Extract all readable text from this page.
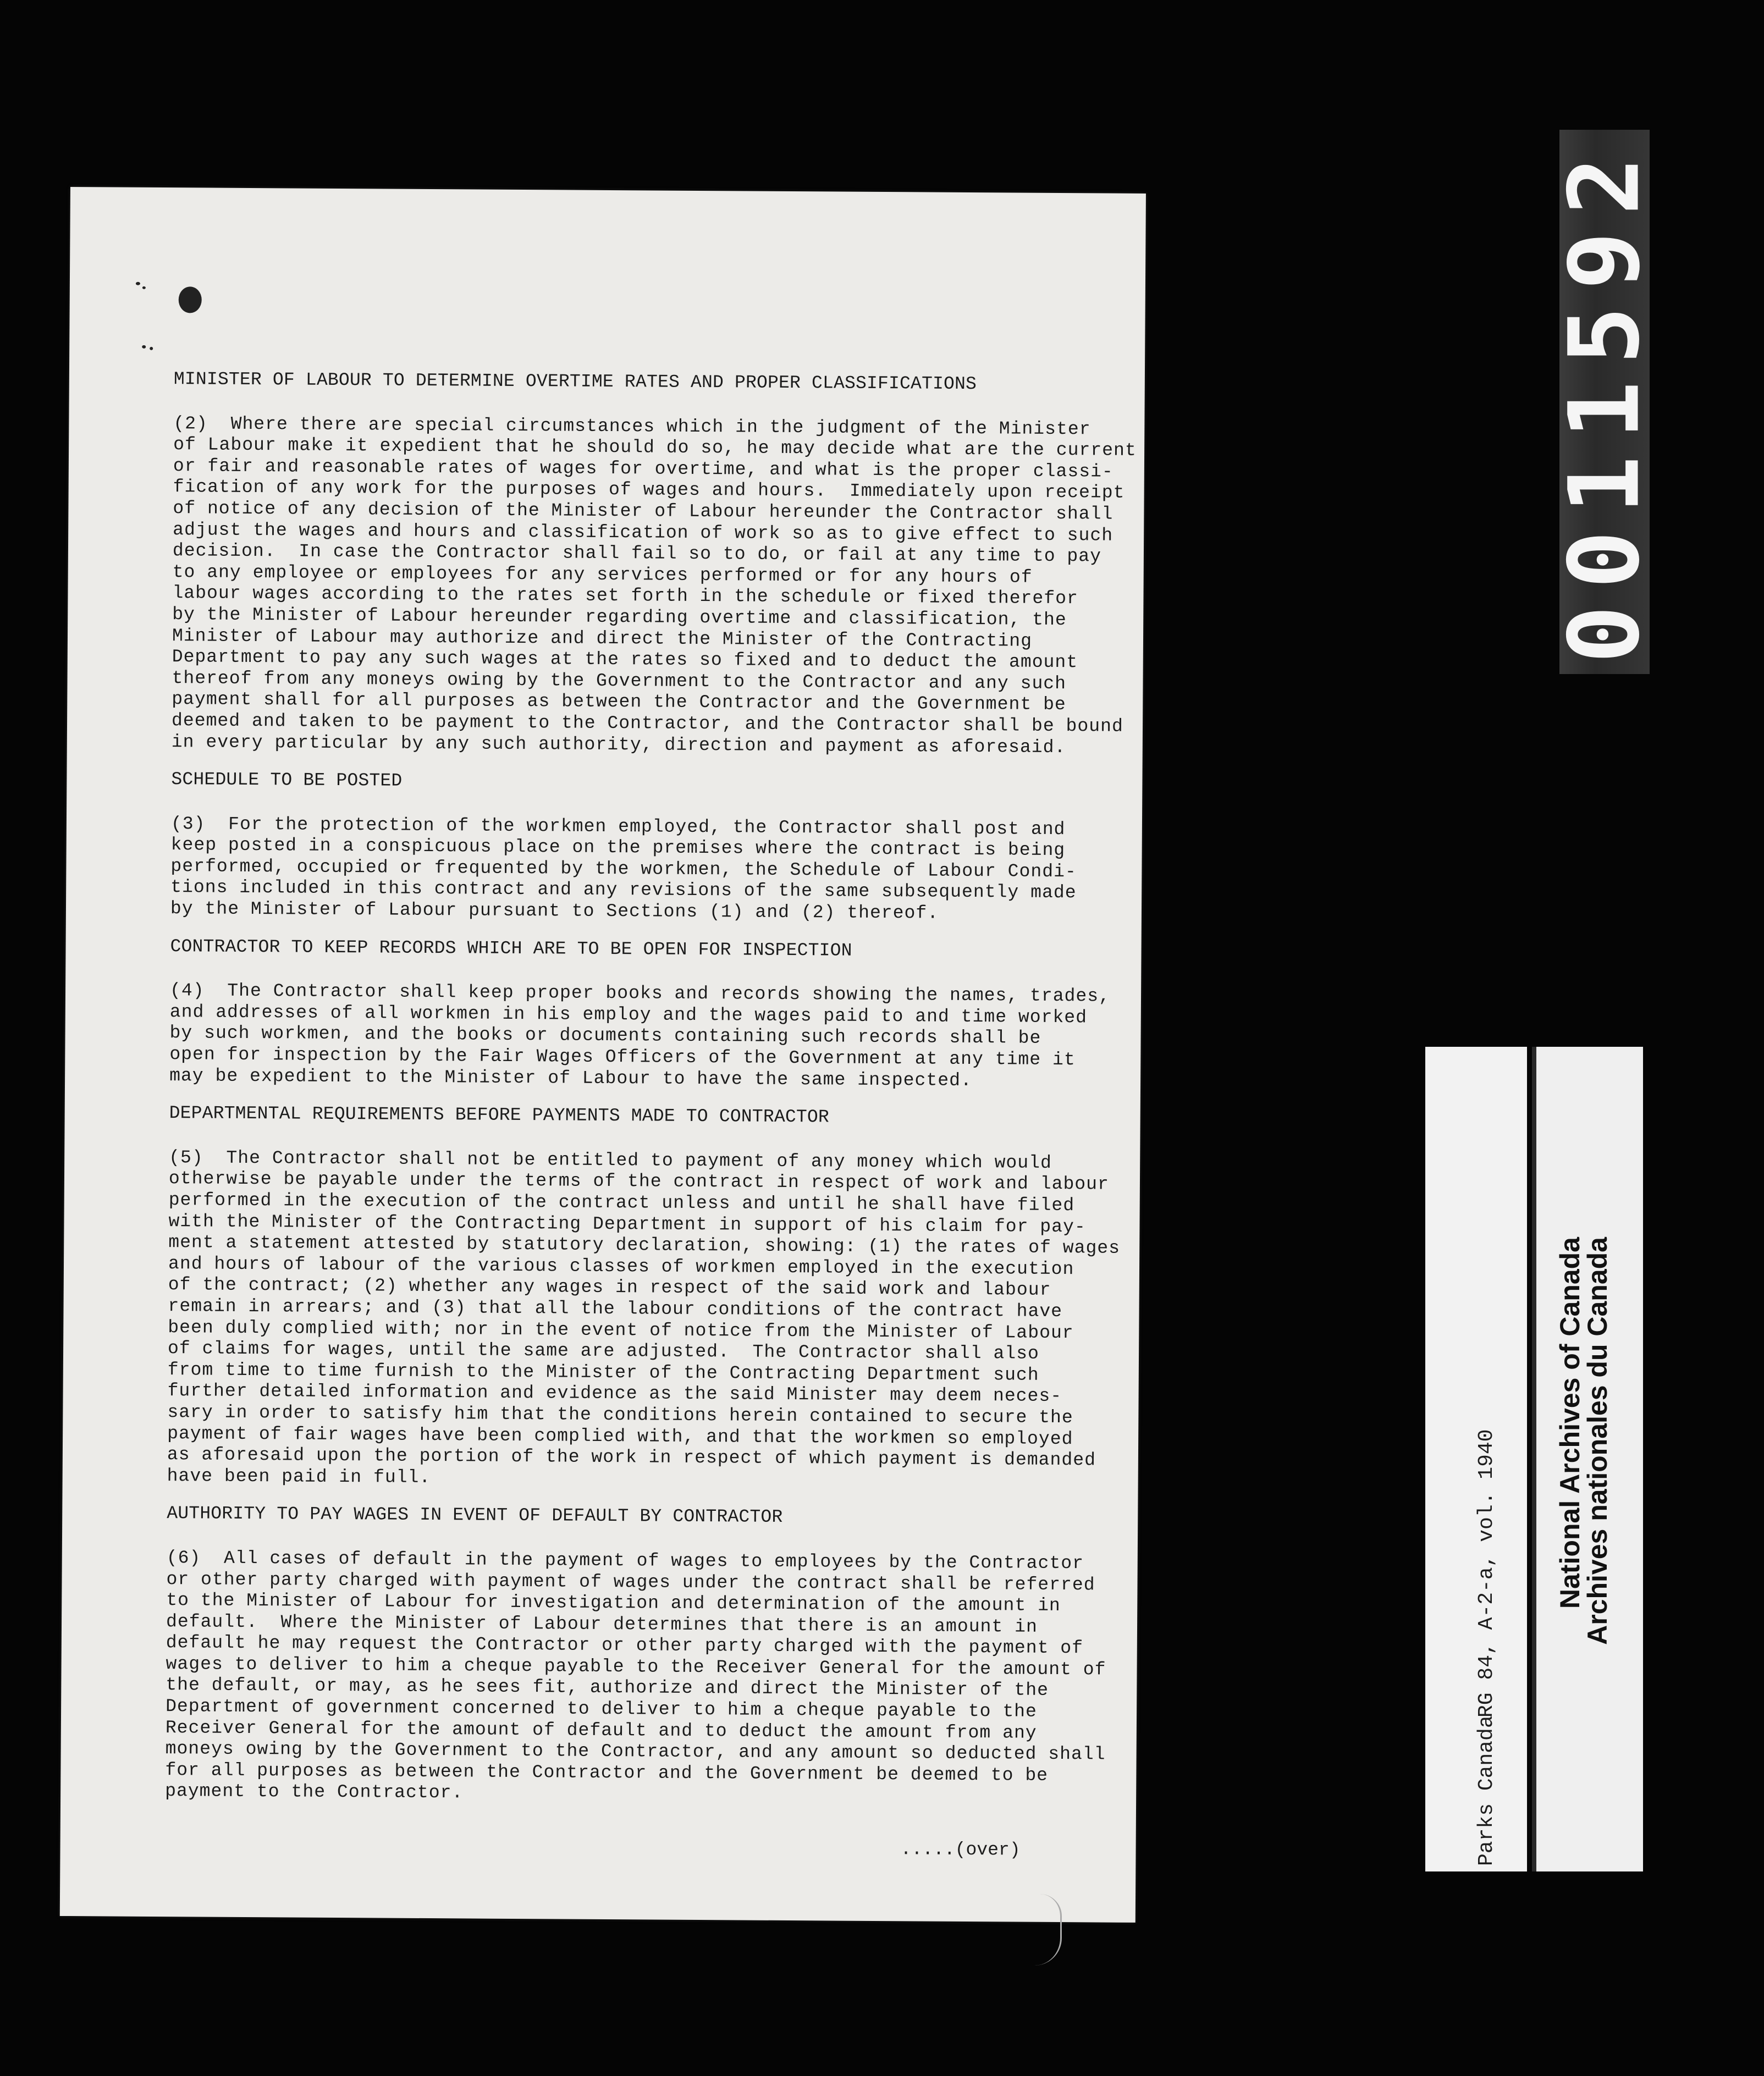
MINISTER OF LABOUR TO DETERMINE OVERTIME RATES AND PROPER CLASSIFICATIONS

(2)  Where there are special circumstances which in the judgment of the Minister
of Labour make it expedient that he should do so, he may decide what are the current
or fair and reasonable rates of wages for overtime, and what is the proper classi-
fication of any work for the purposes of wages and hours.  Immediately upon receipt
of notice of any decision of the Minister of Labour hereunder the Contractor shall
adjust the wages and hours and classification of work so as to give effect to such
decision.  In case the Contractor shall fail so to do, or fail at any time to pay
to any employee or employees for any services performed or for any hours of
labour wages according to the rates set forth in the schedule or fixed therefor
by the Minister of Labour hereunder regarding overtime and classification, the
Minister of Labour may authorize and direct the Minister of the Contracting
Department to pay any such wages at the rates so fixed and to deduct the amount
thereof from any moneys owing by the Government to the Contractor and any such
payment shall for all purposes as between the Contractor and the Government be
deemed and taken to be payment to the Contractor, and the Contractor shall be bound
in every particular by any such authority, direction and payment as aforesaid.

SCHEDULE TO BE POSTED

(3)  For the protection of the workmen employed, the Contractor shall post and
keep posted in a conspicuous place on the premises where the contract is being
performed, occupied or frequented by the workmen, the Schedule of Labour Condi-
tions included in this contract and any revisions of the same subsequently made
by the Minister of Labour pursuant to Sections (1) and (2) thereof.

CONTRACTOR TO KEEP RECORDS WHICH ARE TO BE OPEN FOR INSPECTION

(4)  The Contractor shall keep proper books and records showing the names, trades,
and addresses of all workmen in his employ and the wages paid to and time worked
by such workmen, and the books or documents containing such records shall be
open for inspection by the Fair Wages Officers of the Government at any time it
may be expedient to the Minister of Labour to have the same inspected.

DEPARTMENTAL REQUIREMENTS BEFORE PAYMENTS MADE TO CONTRACTOR

(5)  The Contractor shall not be entitled to payment of any money which would
otherwise be payable under the terms of the contract in respect of work and labour
performed in the execution of the contract unless and until he shall have filed
with the Minister of the Contracting Department in support of his claim for pay-
ment a statement attested by statutory declaration, showing: (1) the rates of wages
and hours of labour of the various classes of workmen employed in the execution
of the contract; (2) whether any wages in respect of the said work and labour
remain in arrears; and (3) that all the labour conditions of the contract have
been duly complied with; nor in the event of notice from the Minister of Labour
of claims for wages, until the same are adjusted.  The Contractor shall also
from time to time furnish to the Minister of the Contracting Department such
further detailed information and evidence as the said Minister may deem neces-
sary in order to satisfy him that the conditions herein contained to secure the
payment of fair wages have been complied with, and that the workmen so employed
as aforesaid upon the portion of the work in respect of which payment is demanded
have been paid in full.

AUTHORITY TO PAY WAGES IN EVENT OF DEFAULT BY CONTRACTOR

(6)  All cases of default in the payment of wages to employees by the Contractor
or other party charged with payment of wages under the contract shall be referred
to the Minister of Labour for investigation and determination of the amount in
default.  Where the Minister of Labour determines that there is an amount in
default he may request the Contractor or other party charged with the payment of
wages to deliver to him a cheque payable to the Receiver General for the amount of
the default, or may, as he sees fit, authorize and direct the Minister of the
Department of government concerned to deliver to him a cheque payable to the
Receiver General for the amount of default and to deduct the amount from any
moneys owing by the Government to the Contractor, and any amount so deducted shall
for all purposes as between the Contractor and the Government be deemed to be
payment to the Contractor.
.....(over)
0011592

Parks Canada
RG 84, A-2-a, vol. 1940

National Archives of Canada
Archives nationales du Canada
